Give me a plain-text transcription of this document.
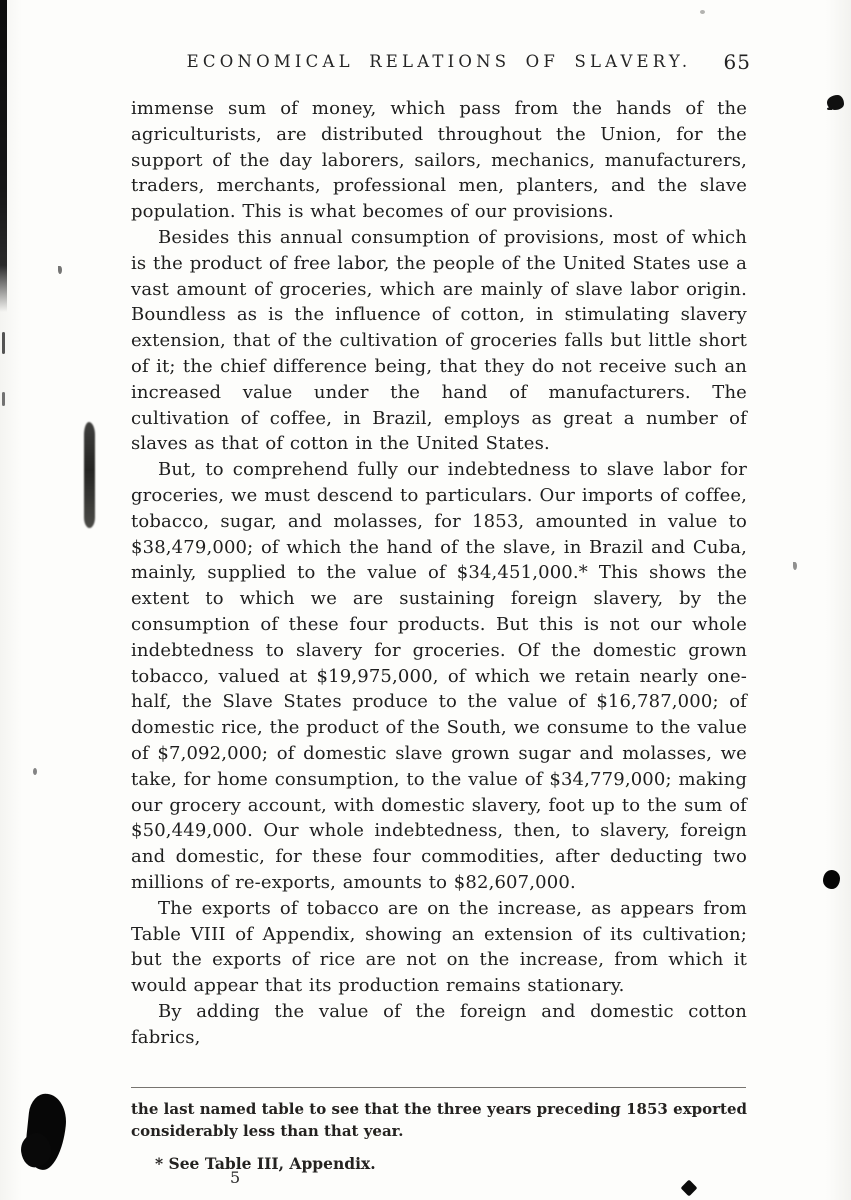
ECONOMICAL RELATIONS OF SLAVERY.	65

immense sum of money, which pass from the hands of the agriculturists, are distributed throughout the Union, for the support of the day laborers, sailors, mechanics, manufacturers, traders, merchants, professional men, planters, and the slave population. This is what becomes of our provisions.

Besides this annual consumption of provisions, most of which is the product of free labor, the people of the United States use a vast amount of groceries, which are mainly of slave labor origin. Boundless as is the influence of cotton, in stimulating slavery extension, that of the cultivation of groceries falls but little short of it; the chief difference being, that they do not receive such an increased value under the hand of manufacturers. The cultivation of coffee, in Brazil, employs as great a number of slaves as that of cotton in the United States.

But, to comprehend fully our indebtedness to slave labor for groceries, we must descend to particulars. Our imports of coffee, tobacco, sugar, and molasses, for 1853, amounted in value to $38,479,000; of which the hand of the slave, in Brazil and Cuba, mainly, supplied to the value of $34,451,000.* This shows the extent to which we are sustaining foreign slavery, by the consumption of these four products. But this is not our whole indebtedness to slavery for groceries. Of the domestic grown tobacco, valued at $19,975,000, of which we retain nearly one-half, the Slave States produce to the value of $16,787,000; of domestic rice, the product of the South, we consume to the value of $7,092,000; of domestic slave grown sugar and molasses, we take, for home consumption, to the value of $34,779,000; making our grocery account, with domestic slavery, foot up to the sum of $50,449,000. Our whole indebtedness, then, to slavery, foreign and domestic, for these four commodities, after deducting two millions of re-exports, amounts to $82,607,000.

The exports of tobacco are on the increase, as appears from Table VIII of Appendix, showing an extension of its cultivation; but the exports of rice are not on the increase, from which it would appear that its production remains stationary.

By adding the value of the foreign and domestic cotton fabrics,

the last named table to see that the three years preceding 1853 exported considerably less than that year.
* See Table III, Appendix.
5
